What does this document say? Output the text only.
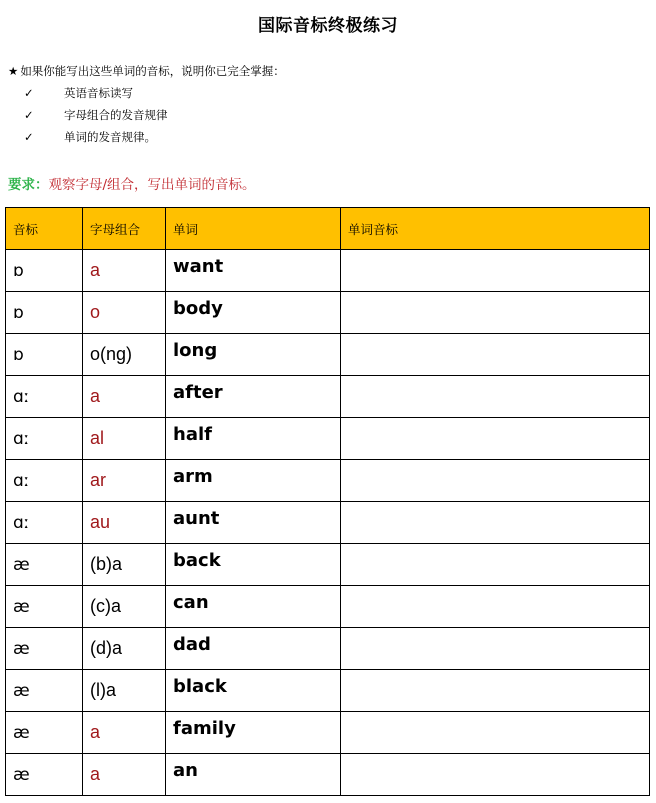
国际音标终极练习
★ 如果你能写出这些单词的音标，说明你已完全掌握：
✓	英语音标读写
✓	字母组合的发音规律
✓	单词的发音规律。
要求：观察字母/组合，写出单词的音标。
音标	字母组合	单词	单词音标
ɒ	a	want	
ɒ	o	body	
ɒ	o(ng)	long	
ɑː	a	after	
ɑː	al	half	
ɑː	ar	arm	
ɑː	au	aunt	
æ	(b)a	back	
æ	(c)a	can	
æ	(d)a	dad	
æ	(l)a	black	
æ	a	family	
æ	a	an	
